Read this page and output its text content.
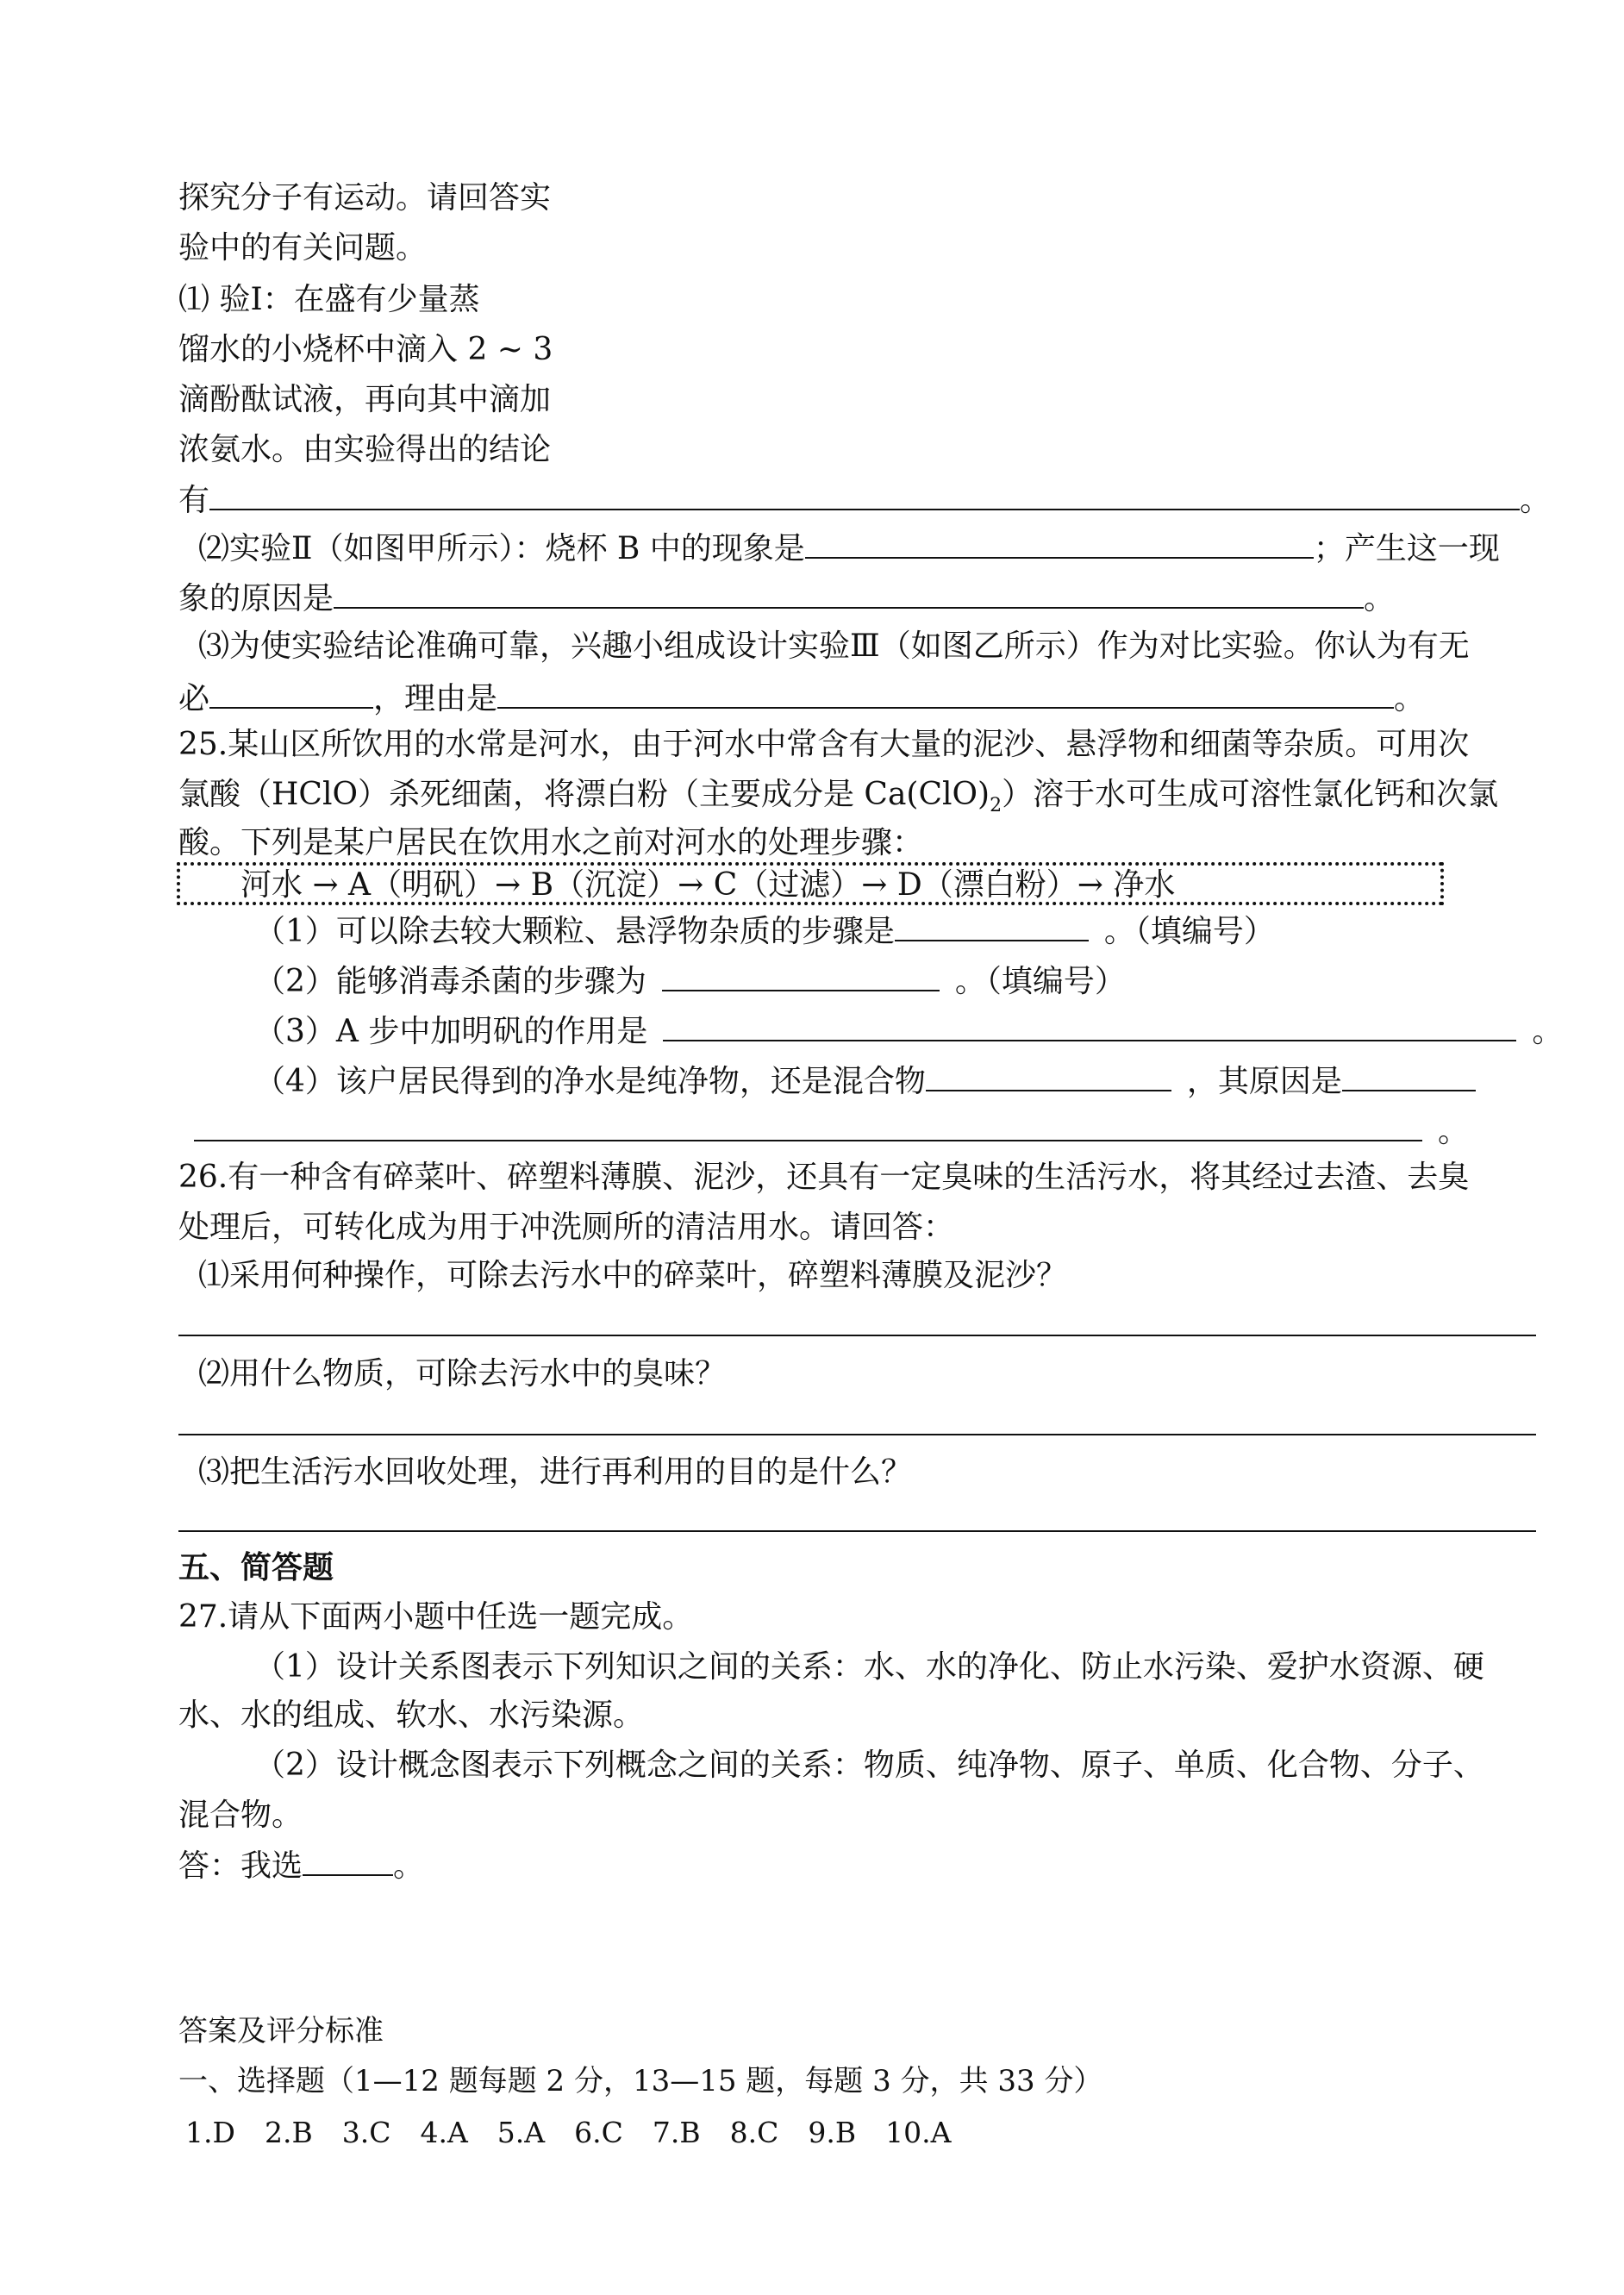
探究分子有运动。请回答实
验中的有关问题。
⑴ 验Ⅰ：在盛有少量蒸
馏水的小烧杯中滴入 2 ~ 3
滴酚酞试液，再向其中滴加
浓氨水。由实验得出的结论
有	。
⑵实验Ⅱ（如图甲所示）：烧杯 B 中的现象是	；产生这一现
象的原因是	。
⑶为使实验结论准确可靠，兴趣小组成设计实验Ⅲ（如图乙所示）作为对比实验。你认为有无
必	，理由是	。
25.某山区所饮用的水常是河水，由于河水中常含有大量的泥沙、悬浮物和细菌等杂质。可用次
氯酸（HClO）杀死细菌，将漂白粉（主要成分是 $Ca(ClO)_2$）溶于水可生成可溶性氯化钙和次氯
酸。下列是某户居民在饮用水之前对河水的处理步骤：
河水 → A（明矾）→ B（沉淀）→ C（过滤）→ D（漂白粉）→ 净水
（1）可以除去较大颗粒、悬浮物杂质的步骤是	。（填编号）
（2）能够消毒杀菌的步骤为	。（填编号）
（3）A 步中加明矾的作用是	。
（4）该户居民得到的净水是纯净物，还是混合物	，其原因是
。
26.有一种含有碎菜叶、碎塑料薄膜、泥沙，还具有一定臭味的生活污水，将其经过去渣、去臭
处理后，可转化成为用于冲洗厕所的清洁用水。请回答：
⑴采用何种操作，可除去污水中的碎菜叶，碎塑料薄膜及泥沙？
⑵用什么物质，可除去污水中的臭味？
⑶把生活污水回收处理，进行再利用的目的是什么？
五、简答题
27.请从下面两小题中任选一题完成。
（1）设计关系图表示下列知识之间的关系：水、水的净化、防止水污染、爱护水资源、硬
水、水的组成、软水、水污染源。
（2）设计概念图表示下列概念之间的关系：物质、纯净物、原子、单质、化合物、分子、
混合物。
答：我选	。
答案及评分标准
一、选择题（1—12 题每题 2 分，13—15 题，每题 3 分，共 33 分）
1.D 2.B 3.C 4.A 5.A 6.C 7.B 8.C 9.B 10.A
